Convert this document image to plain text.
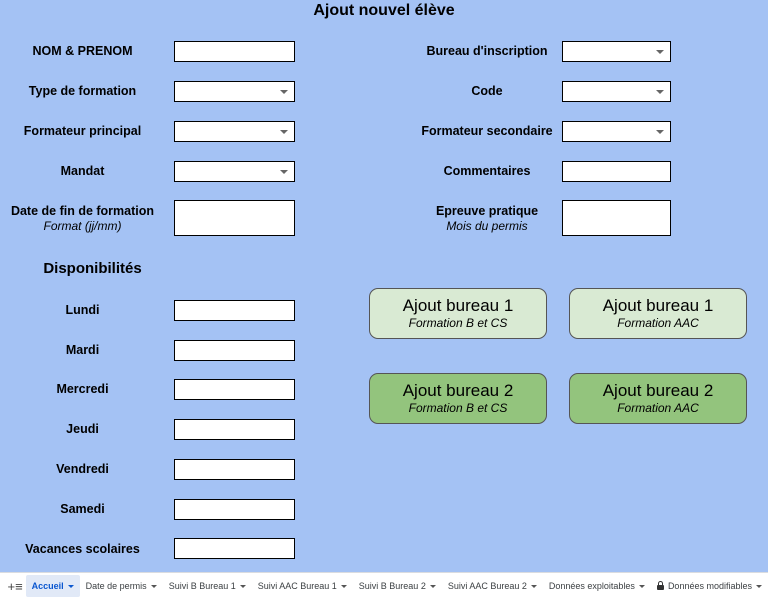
Ajout nouvel élève
NOM & PRENOM
Type de formation
Formateur principal
Mandat
Date de fin de formation
Format (jj/mm)
Bureau d'inscription
Code
Formateur secondaire
Commentaires
Epreuve pratique
Mois du permis
Disponibilités
Lundi
Mardi
Mercredi
Jeudi
Vendredi
Samedi
Vacances scolaires
Ajout bureau 1
Formation B et CS
Ajout bureau 1
Formation AAC
Ajout bureau 2
Formation B et CS
Ajout bureau 2
Formation AAC
+ ≡ Accueil Date de permis Suivi B Bureau 1 Suivi AAC Bureau 1 Suivi B Bureau 2 Suivi AAC Bureau 2 Données exploitables	Données modifiables
